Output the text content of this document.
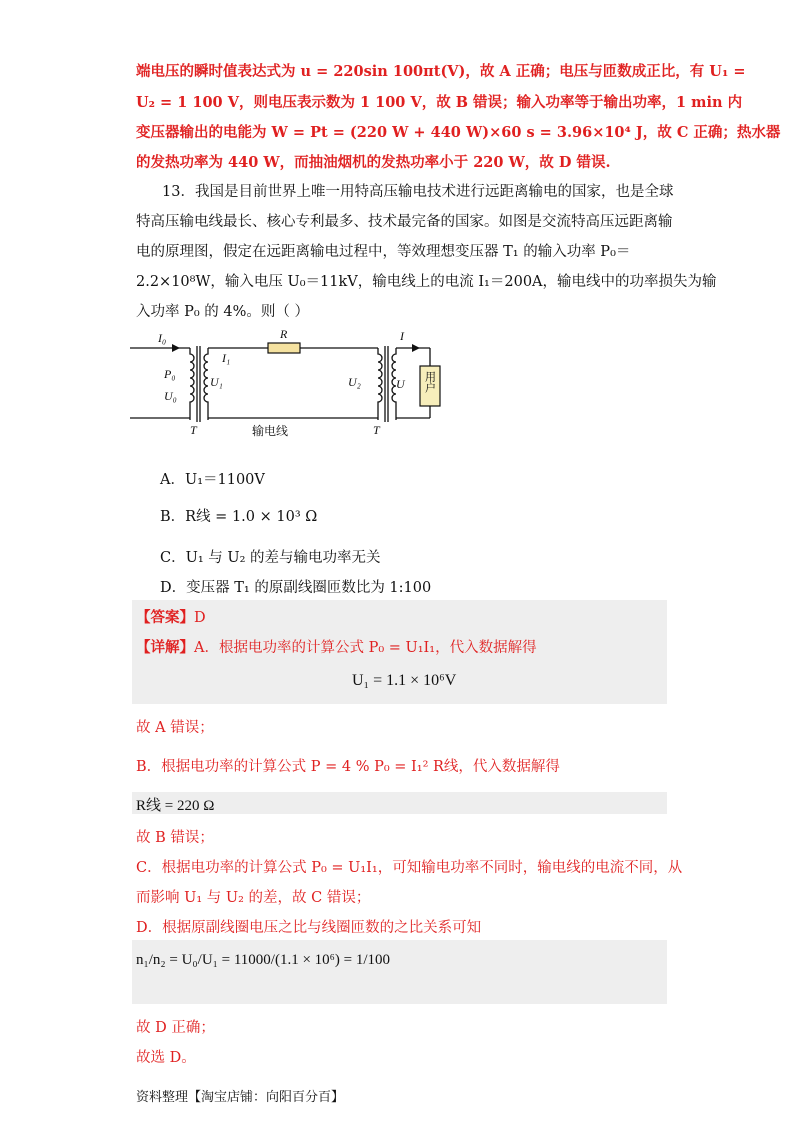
端电压的瞬时值表达式为 u = 220sin 100πt(V)，故 A 正确；电压与匝数成正比，有 U₁ =
U₂ = 1 100 V，则电压表示数为 1 100 V，故 B 错误；输入功率等于输出功率，1 min 内
变压器输出的电能为 W = Pt = (220 W + 440 W)×60 s = 3.96×10⁴ J，故 C 正确；热水器
的发热功率为 440 W，而抽油烟机的发热功率小于 220 W，故 D 错误.
13．我国是目前世界上唯一用特高压输电技术进行远距离输电的国家，也是全球
特高压输电线最长、核心专利最多、技术最完备的国家。如图是交流特高压远距离输
电的原理图，假定在远距离输电过程中，等效理想变压器 T₁ 的输入功率 P₀＝
2.2×10⁸W，输入电压 U₀＝11kV，输电线上的电流 I₁＝200A，输电线中的功率损失为输
入功率 P₀ 的 4%。则（ ）
I₀
I₁
R	I
P₀
U₀
U₁	U₂	U
T	T
输电线
用户
A．U₁＝1100V
B．R线 = 1.0 × 10³ Ω
C．U₁ 与 U₂ 的差与输电功率无关
D．变压器 T₁ 的原副线圈匝数比为 1:100
【答案】D
【详解】A．根据电功率的计算公式 P₀ = U₁I₁，代入数据解得
U₁ = 1.1 × 10⁶V
故 A 错误；
B．根据电功率的计算公式 P = 4 % P₀ = I₁² R线，代入数据解得
R线 = 220 Ω
故 B 错误；
C．根据电功率的计算公式 P₀ = U₁I₁，可知输电功率不同时，输电线的电流不同，从
而影响 U₁ 与 U₂ 的差，故 C 错误；
D．根据原副线圈电压之比与线圈匝数的之比关系可知
n₁/n₂ = U₀/U₁ = 11000/(1.1 × 10⁶) = 1/100
故 D 正确；
故选 D。
资料整理【淘宝店铺：向阳百分百】
